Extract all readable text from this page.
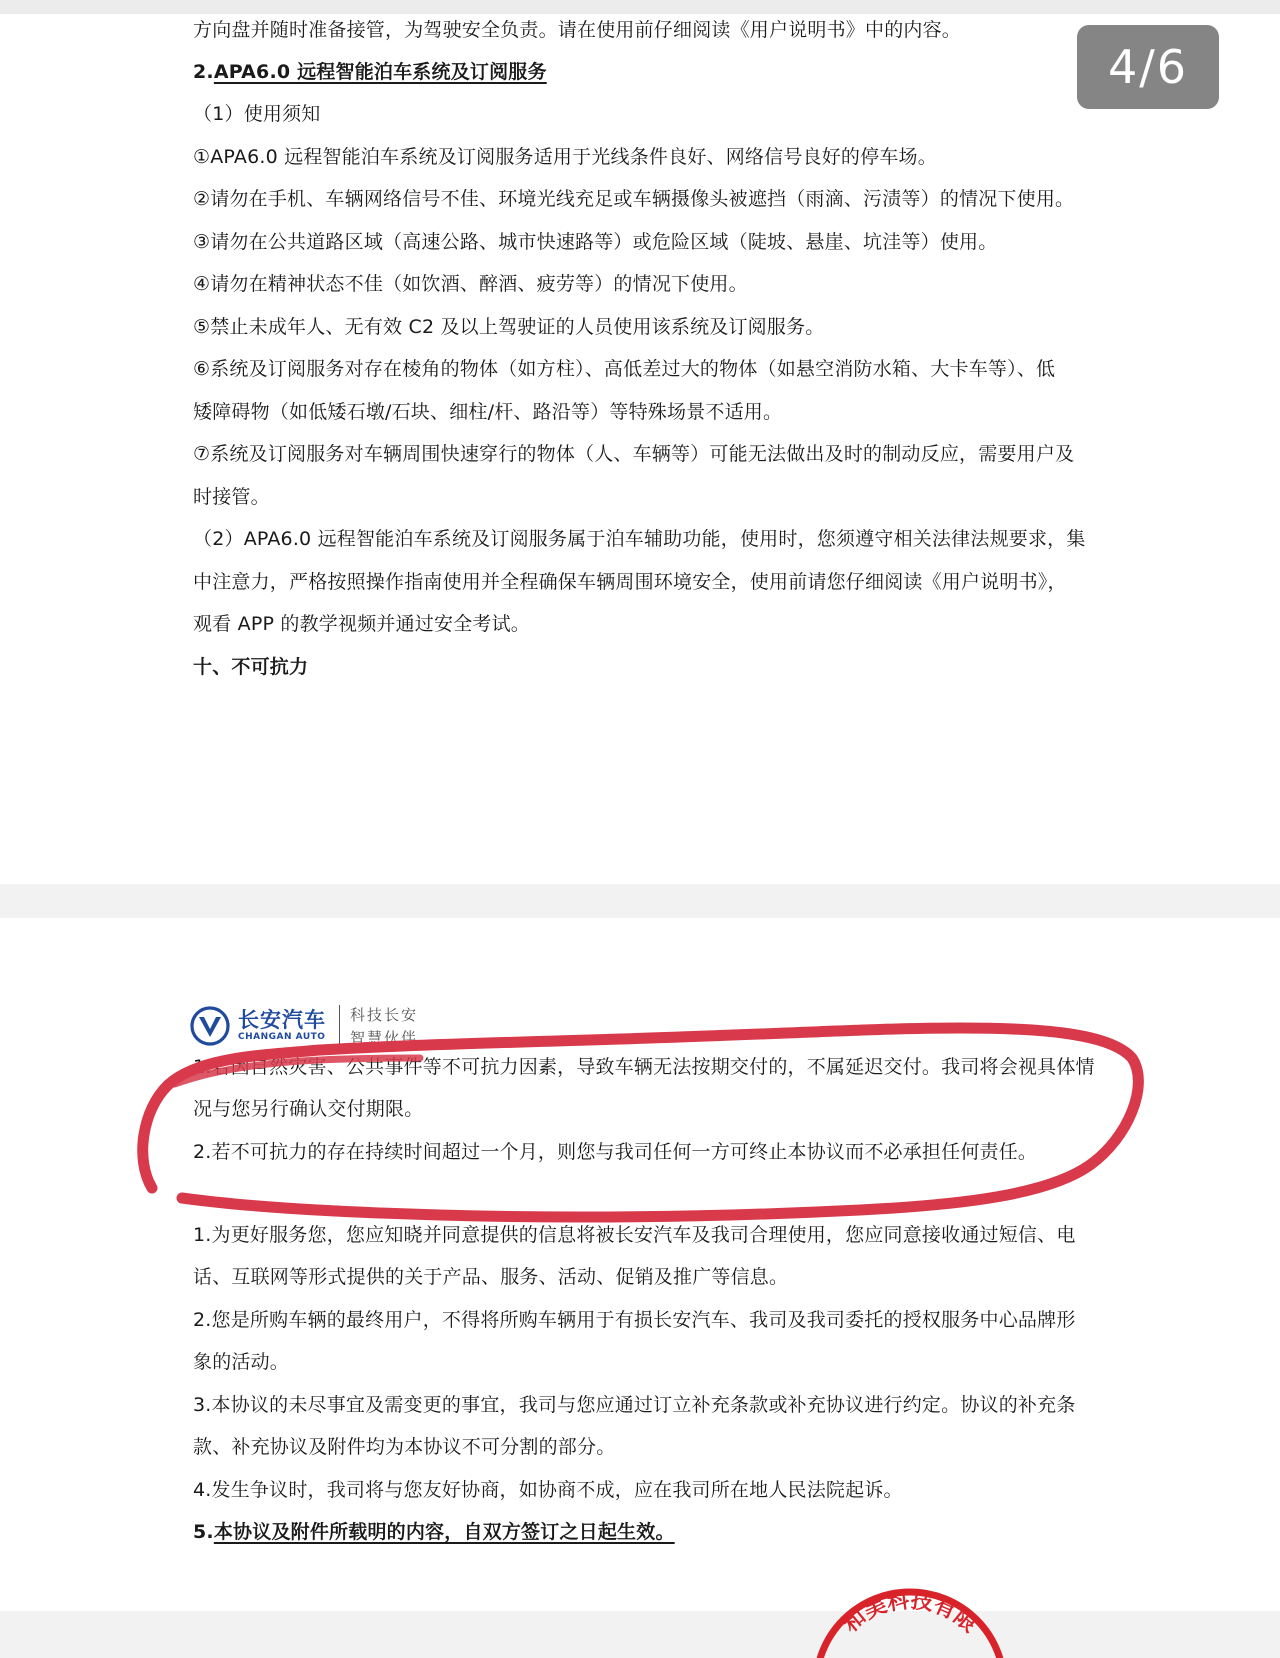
方向盘并随时准备接管，为驾驶安全负责。请在使用前仔细阅读《用户说明书》中的内容。
2.APA6.0 远程智能泊车系统及订阅服务
（1）使用须知
①APA6.0 远程智能泊车系统及订阅服务适用于光线条件良好、网络信号良好的停车场。
②请勿在手机、车辆网络信号不佳、环境光线充足或车辆摄像头被遮挡（雨滴、污渍等）的情况下使用。
③请勿在公共道路区域（高速公路、城市快速路等）或危险区域（陡坡、悬崖、坑洼等）使用。
④请勿在精神状态不佳（如饮酒、醉酒、疲劳等）的情况下使用。
⑤禁止未成年人、无有效 C2 及以上驾驶证的人员使用该系统及订阅服务。
⑥系统及订阅服务对存在棱角的物体（如方柱）、高低差过大的物体（如悬空消防水箱、大卡车等）、低
矮障碍物（如低矮石墩/石块、细柱/杆、路沿等）等特殊场景不适用。
⑦系统及订阅服务对车辆周围快速穿行的物体（人、车辆等）可能无法做出及时的制动反应，需要用户及
时接管。
（2）APA6.0 远程智能泊车系统及订阅服务属于泊车辅助功能，使用时，您须遵守相关法律法规要求，集
中注意力，严格按照操作指南使用并全程确保车辆周围环境安全，使用前请您仔细阅读《用户说明书》，
观看 APP 的教学视频并通过安全考试。
十、不可抗力
长安汽车
CHANGAN AUTO
科技长安
智慧伙伴
1.若因自然灾害、公共事件等不可抗力因素，导致车辆无法按期交付的，不属延迟交付。我司将会视具体情
况与您另行确认交付期限。
2.若不可抗力的存在持续时间超过一个月，则您与我司任何一方可终止本协议而不必承担任何责任。
1.为更好服务您，您应知晓并同意提供的信息将被长安汽车及我司合理使用，您应同意接收通过短信、电
话、互联网等形式提供的关于产品、服务、活动、促销及推广等信息。
2.您是所购车辆的最终用户，不得将所购车辆用于有损长安汽车、我司及我司委托的授权服务中心品牌形
象的活动。
3.本协议的未尽事宜及需变更的事宜，我司与您应通过订立补充条款或补充协议进行约定。协议的补充条
款、补充协议及附件均为本协议不可分割的部分。
4.发生争议时，我司将与您友好协商，如协商不成，应在我司所在地人民法院起诉。
5.本协议及附件所载明的内容，自双方签订之日起生效。
和美科技有限
4/6
